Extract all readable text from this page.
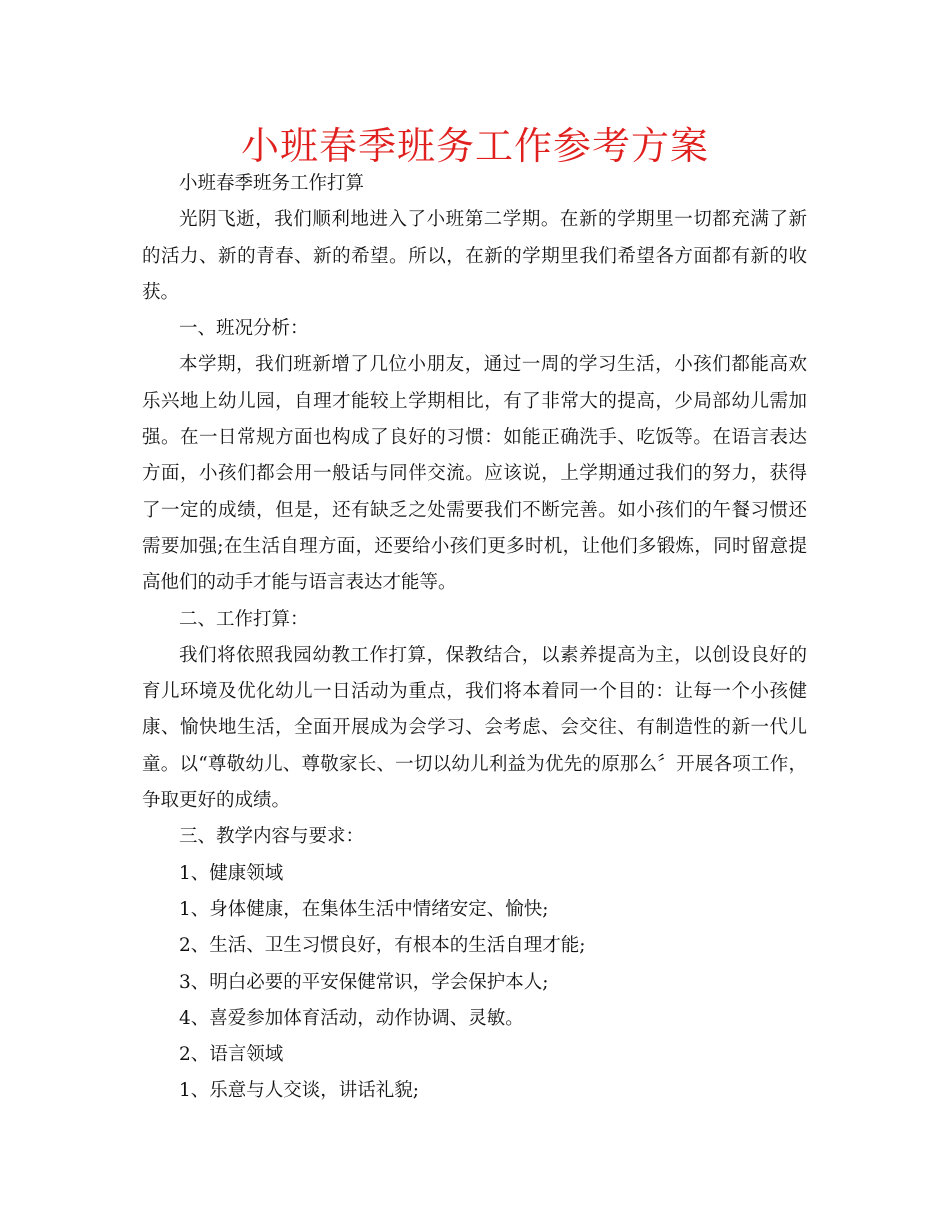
小班春季班务工作参考方案

小班春季班务工作打算

光阴飞逝，我们顺利地进入了小班第二学期。在新的学期里一切都充满了新的活力、新的青春、新的希望。所以，在新的学期里我们希望各方面都有新的收获。

一、班况分析：

本学期，我们班新增了几位小朋友，通过一周的学习生活，小孩们都能高欢乐兴地上幼儿园，自理才能较上学期相比，有了非常大的提高，少局部幼儿需加强。在一日常规方面也构成了良好的习惯：如能正确洗手、吃饭等。在语言表达方面，小孩们都会用一般话与同伴交流。应该说，上学期通过我们的努力，获得了一定的成绩，但是，还有缺乏之处需要我们不断完善。如小孩们的午餐习惯还需要加强;在生活自理方面，还要给小孩们更多时机，让他们多锻炼，同时留意提高他们的动手才能与语言表达才能等。

二、工作打算：

我们将依照我园幼教工作打算，保教结合，以素养提高为主，以创设良好的育儿环境及优化幼儿一日活动为重点，我们将本着同一个目的：让每一个小孩健康、愉快地生活，全面开展成为会学习、会考虑、会交往、有制造性的新一代儿童。以“尊敬幼儿、尊敬家长、一切以幼儿利益为优先的原那么〞开展各项工作，争取更好的成绩。

三、教学内容与要求：

1、健康领域

1、身体健康，在集体生活中情绪安定、愉快;

2、生活、卫生习惯良好，有根本的生活自理才能;

3、明白必要的平安保健常识，学会保护本人;

4、喜爱参加体育活动，动作协调、灵敏。

2、语言领域

1、乐意与人交谈，讲话礼貌;
